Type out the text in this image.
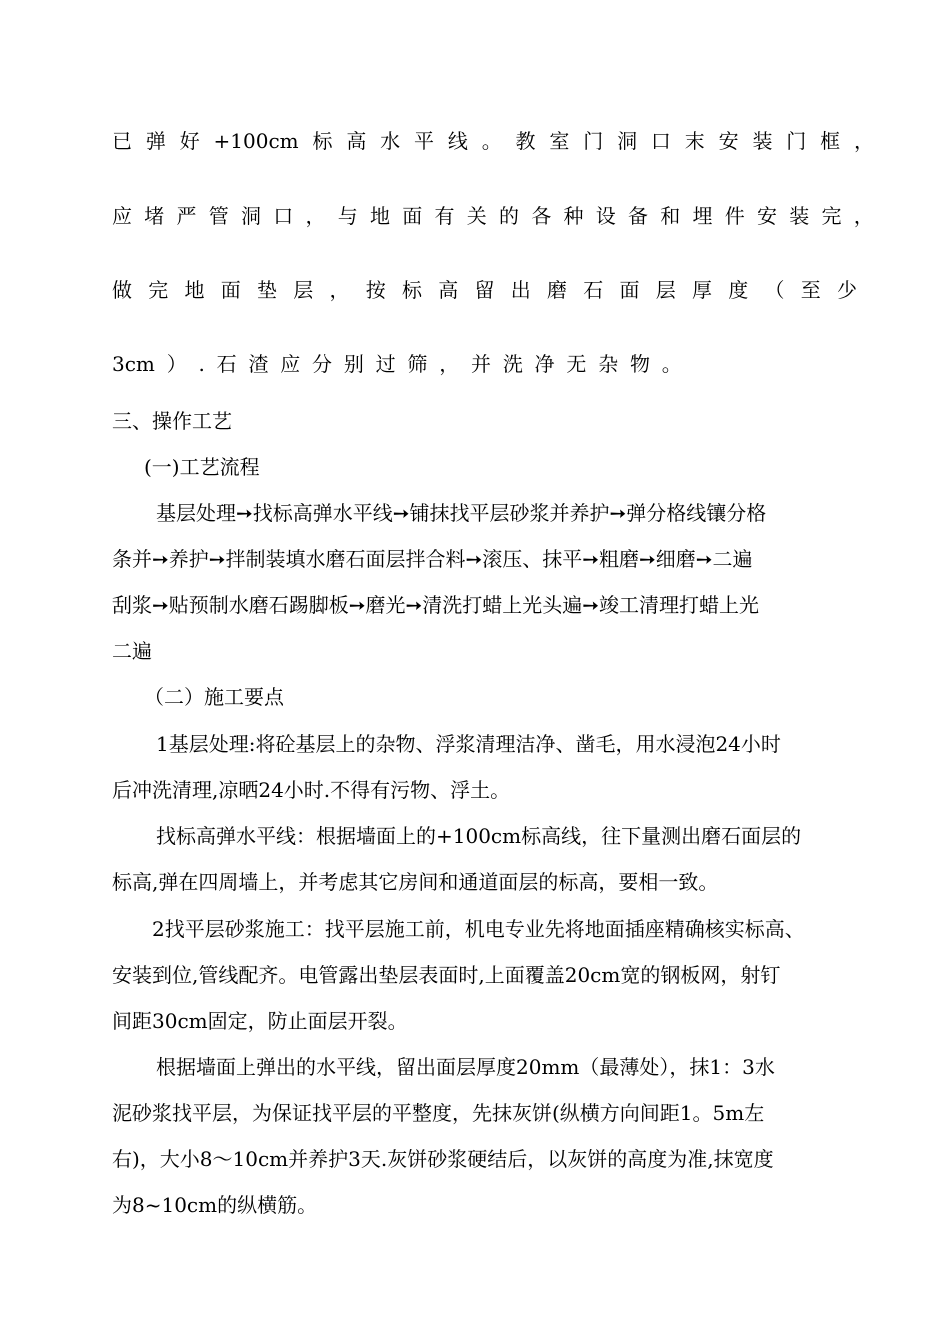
已 弹 好 +100cm 标 高 水 平 线 。 教 室 门 洞 口 末 安 装 门 框 ，

应 堵 严 管 洞 口 ， 与 地 面 有 关 的 各 种 设 备 和 埋 件 安 装 完 ，

做 完 地 面 垫 层 ， 按 标 高 留 出 磨 石 面 层 厚 度 （ 至 少

3cm ） . 石 渣 应 分 别 过 筛 ， 并 洗 净 无 杂 物 。

三、操作工艺

(一)工艺流程

基层处理➙找标高弹水平线➙铺抹找平层砂浆并养护➙弹分格线镶分格

条并➙养护➙拌制装填水磨石面层拌合料➙滚压、抹平➙粗磨➙细磨➙二遍

刮浆➙贴预制水磨石踢脚板➙磨光➙清洗打蜡上光头遍➙竣工清理打蜡上光

二遍

（二）施工要点

1基层处理:将砼基层上的杂物、浮浆清理洁净、凿毛，用水浸泡24小时

后冲洗清理,凉晒24小时.不得有污物、浮土。

找标高弹水平线：根据墙面上的+100cm标高线，往下量测出磨石面层的

标高,弹在四周墙上，并考虑其它房间和通道面层的标高，要相一致。

2找平层砂浆施工：找平层施工前，机电专业先将地面插座精确核实标高、

安装到位,管线配齐。电管露出垫层表面时,上面覆盖20cm宽的钢板网，射钉

间距30cm固定，防止面层开裂。

根据墙面上弹出的水平线，留出面层厚度20mm（最薄处），抹1：3水

泥砂浆找平层，为保证找平层的平整度，先抹灰饼(纵横方向间距1。5m左

右)，大小8～10cm并养护3天.灰饼砂浆硬结后，以灰饼的高度为准,抹宽度

为8~10cm的纵横筋。
